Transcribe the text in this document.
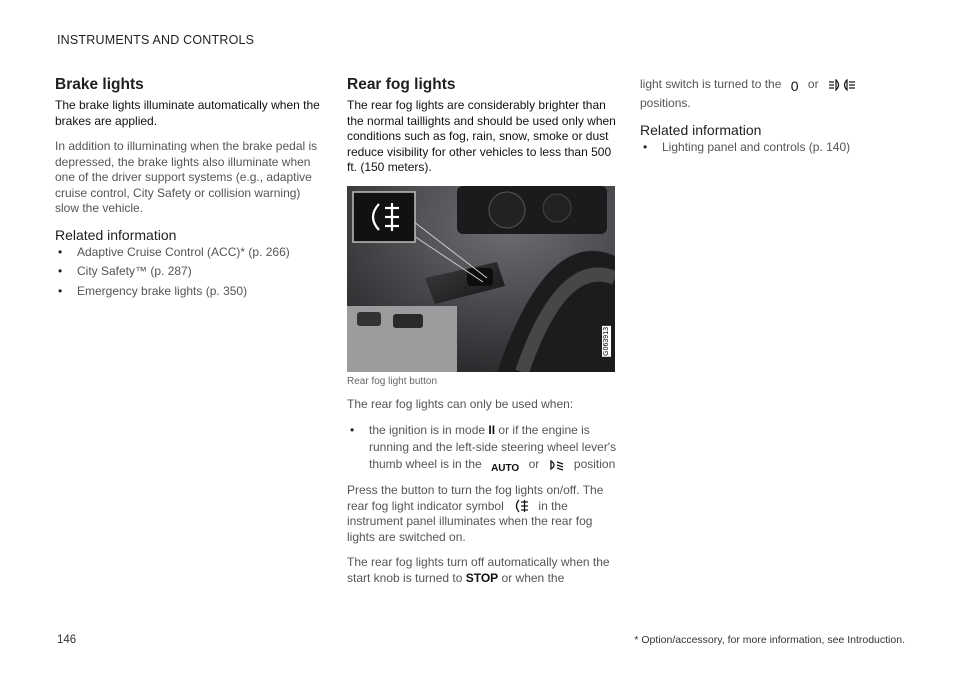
INSTRUMENTS AND CONTROLS
Brake lights

The brake lights illuminate automatically when the brakes are applied.

In addition to illuminating when the brake pedal is depressed, the brake lights also illuminate when one of the driver support systems (e.g., adaptive cruise control, City Safety or collision warning) slow the vehicle.

Related information
• Adaptive Cruise Control (ACC)* (p. 266)
• City Safety™ (p. 287)
• Emergency brake lights (p. 350)
Rear fog lights

The rear fog lights are considerably brighter than the normal taillights and should be used only when conditions such as fog, rain, snow, smoke or dust reduce visibility for other vehicles to less than 500 ft. (150 meters).

G063913
Rear fog light button

The rear fog lights can only be used when:

• the ignition is in mode II or if the engine is running and the left-side steering wheel lever's thumb wheel is in the AUTO or	position

Press the button to turn the fog lights on/off. The rear fog light indicator symbol	in the instrument panel illuminates when the rear fog lights are switched on.

The rear fog lights turn off automatically when the start knob is turned to STOP or when the

light switch is turned to the 0 or  positions.

Related information
• Lighting panel and controls (p. 140)
146	* Option/accessory, for more information, see Introduction.
